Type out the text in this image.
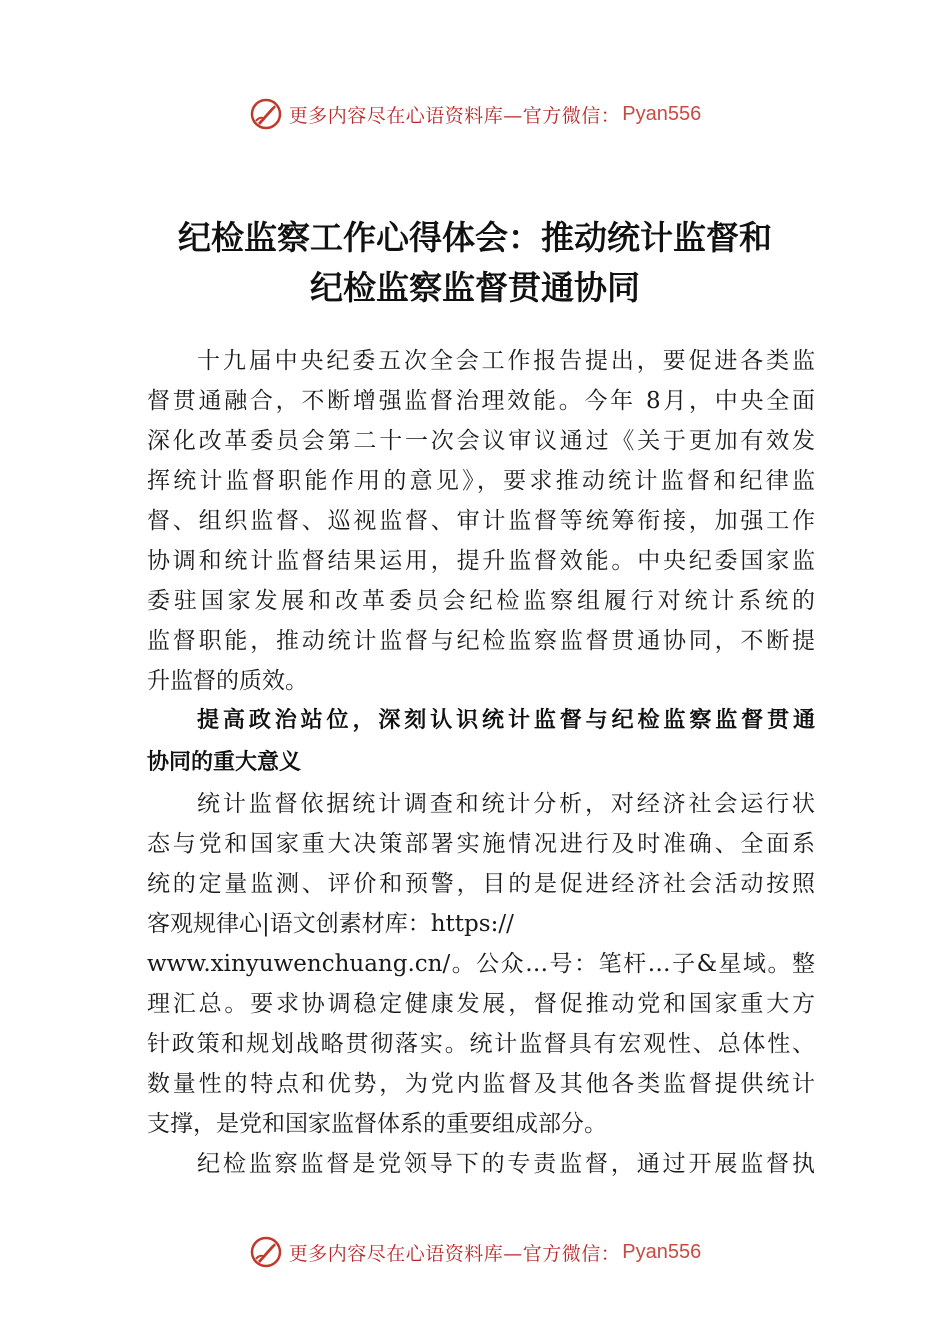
更多内容尽在心语资料库—官方微信： Pyan556
纪检监察工作心得体会：推动统计监督和
纪检监察监督贯通协同
十九届中央纪委五次全会工作报告提出，要促进各类监
督贯通融合，不断增强监督治理效能。今年 8月，中央全面
深化改革委员会第二十一次会议审议通过《关于更加有效发
挥统计监督职能作用的意见》，要求推动统计监督和纪律监
督、组织监督、巡视监督、审计监督等统筹衔接，加强工作
协调和统计监督结果运用，提升监督效能。中央纪委国家监
委驻国家发展和改革委员会纪检监察组履行对统计系统的
监督职能，推动统计监督与纪检监察监督贯通协同，不断提
升监督的质效。
提高政治站位，深刻认识统计监督与纪检监察监督贯通
协同的重大意义
统计监督依据统计调查和统计分析，对经济社会运行状
态与党和国家重大决策部署实施情况进行及时准确、全面系
统的定量监测、评价和预警，目的是促进经济社会活动按照
客观规律心|语文创素材库：https://
www.xinyuwenchuang.cn/。公众…号：笔杆…子&星域。整
理汇总。要求协调稳定健康发展，督促推动党和国家重大方
针政策和规划战略贯彻落实。统计监督具有宏观性、总体性、
数量性的特点和优势，为党内监督及其他各类监督提供统计
支撑，是党和国家监督体系的重要组成部分。
纪检监察监督是党领导下的专责监督，通过开展监督执
更多内容尽在心语资料库—官方微信： Pyan556
